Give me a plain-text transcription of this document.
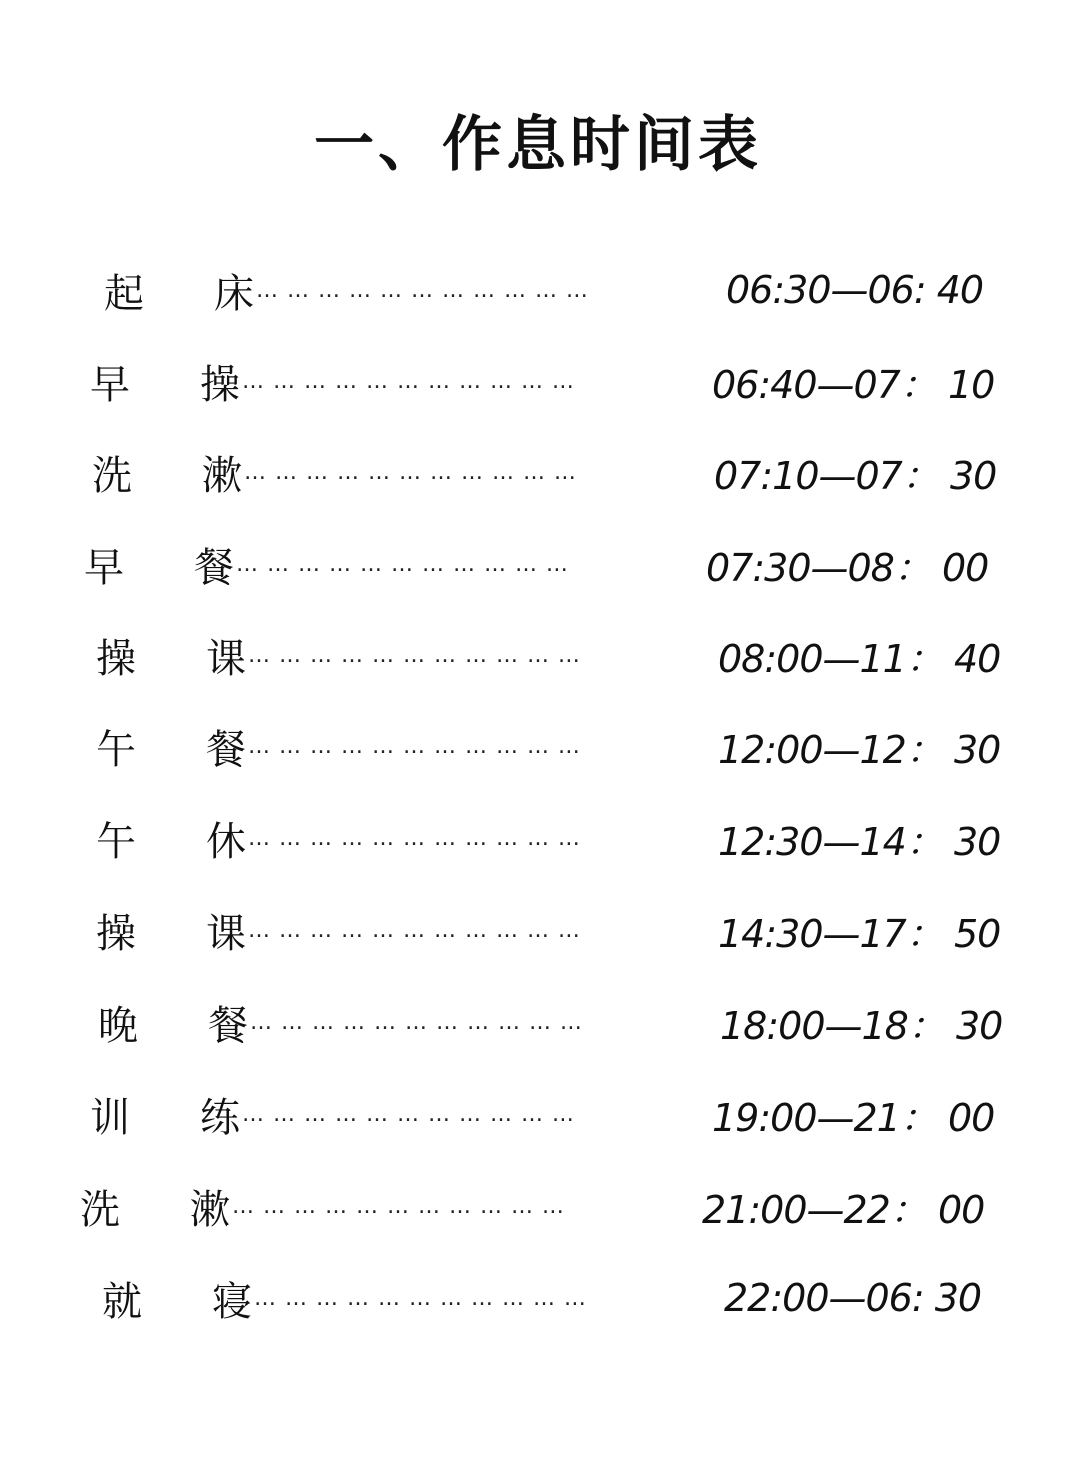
一、作息时间表
起	床 … … … … … … … … … … …	06:30—06: 40
早	操 … … … … … … … … … … …	06:40—07： 10
洗	漱 … … … … … … … … … … …	07:10—07： 30
早	餐 … … … … … … … … … … …	07:30—08： 00
操	课 … … … … … … … … … … …	08:00—11： 40
午	餐 … … … … … … … … … … …	12:00—12： 30
午	休 … … … … … … … … … … …	12:30—14： 30
操	课 … … … … … … … … … … …	14:30—17： 50
晚	餐 … … … … … … … … … … …	18:00—18： 30
训	练 … … … … … … … … … … …	19:00—21： 00
洗	漱 … … … … … … … … … … …	21:00—22： 00
就	寝 … … … … … … … … … … …	22:00—06: 30
